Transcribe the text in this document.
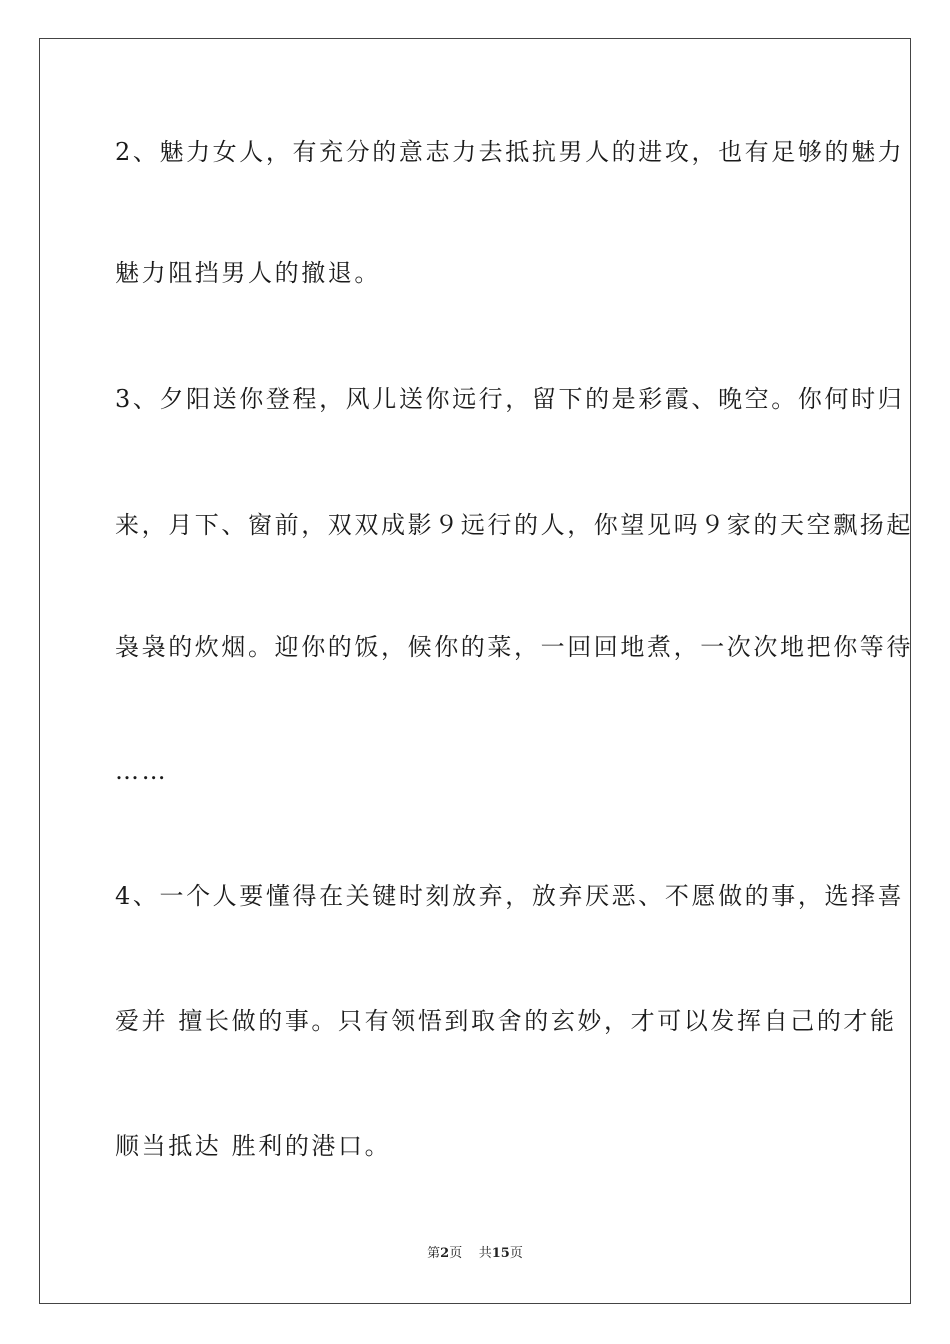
2、魅力女人，有充分的意志力去抵抗男人的进攻，也有足够的魅力
魅力阻挡男人的撤退。
3、夕阳送你登程，风儿送你远行，留下的是彩霞、晚空。你何时归
来，月下、窗前，双双成影９远行的人，你望见吗９家的天空飘扬起
袅袅的炊烟。迎你的饭，候你的菜，一回回地煮，一次次地把你等待
……
4、一个人要懂得在关键时刻放弃，放弃厌恶、不愿做的事，选择喜
爱并 擅长做的事。只有领悟到取舍的玄妙，才可以发挥自己的才能
顺当抵达 胜利的港口。
第2页 共15页
